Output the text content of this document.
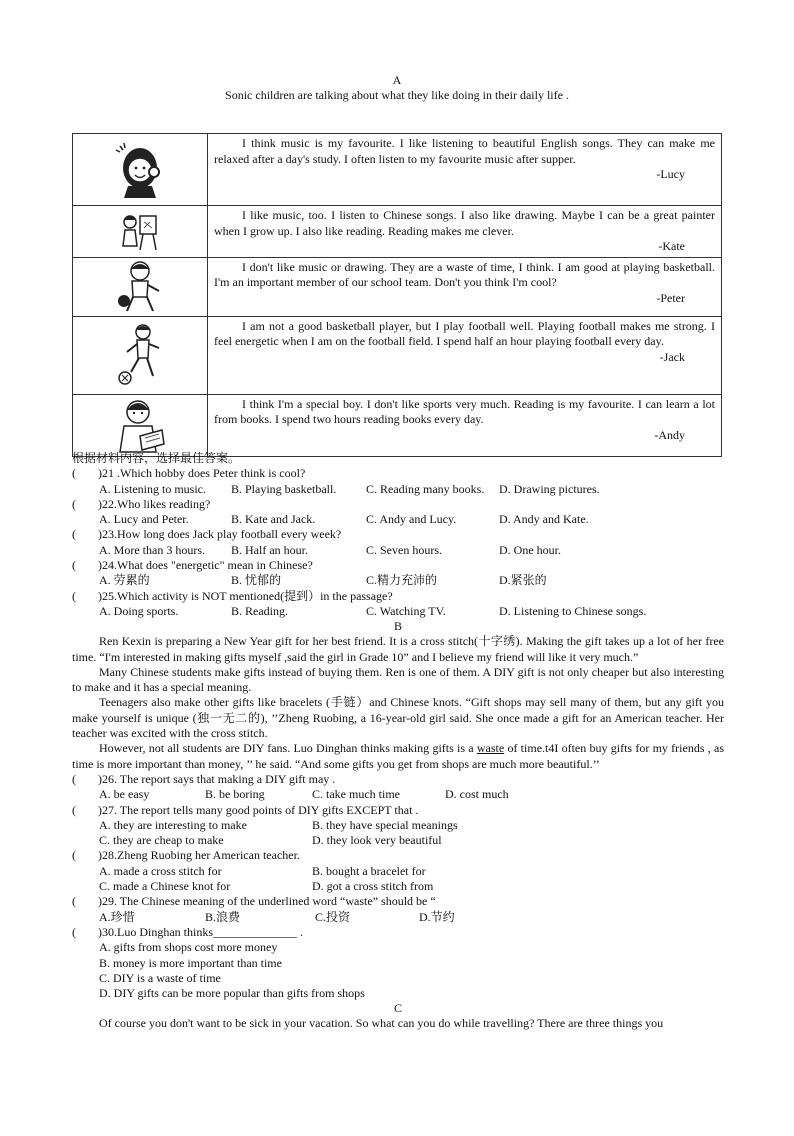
A
Sonic children are talking about what they like doing in their daily life .

I think music is my favourite. I like listening to beautiful English songs. They can make me relaxed after a day's study. I often listen to my favourite music after supper.
-Lucy

I like music, too. I listen to Chinese songs. I also like drawing. Maybe I can be a great painter when I grow up. I also like reading. Reading makes me clever.
-Kate

I don't like music or drawing. They are a waste of time, I think. I am good at playing basketball. I'm an important member of our school team. Don't you think I'm cool?
-Peter

I am not a good basketball player, but I play football well. Playing football makes me strong. I feel energetic when I am on the football field. I spend half an hour playing football every day.
-Jack

I think I'm a special boy. I don't like sports very much. Reading is my favourite. I can learn a lot from books. I spend two hours reading books every day.
-Andy
根据材料内容，选择最佳答案。
( )21 .Which hobby does Peter think is cool?
A. Listening to music. B. Playing basketball. C. Reading many books. D. Drawing pictures.
( )22.Who likes reading?
A. Lucy and Peter.	B. Kate and Jack.	C. Andy and Lucy.	D. Andy and Kate.
( )23.How long does Jack play football every week?
A. More than 3 hours. B. Half an hour.	C. Seven hours.	D. One hour.
( )24.What does "energetic" mean in Chinese?
A. 劳累的	B. 忧郁的	C.精力充沛的	D.紧张的
( )25.Which activity is NOT mentioned(提到）in the passage?
A. Doing sports.	B. Reading.	C. Watching TV.	D. Listening to Chinese songs.
B
Ren Kexin is preparing a New Year gift for her best friend. It is a cross stitch(十字绣). Making the gift takes up a lot of her free time. “I'm interested in making gifts myself ,said the girl in Grade 10” and I believe my friend will like it very much.”
Many Chinese students make gifts instead of buying them. Ren is one of them. A DIY gift is not only cheaper but also interesting to make and it has a special meaning.
Teenagers also make other gifts like bracelets (手链）and Chinese knots. “Gift shops may sell many of them, but any gift you make yourself is unique (独一无二的), ’’Zheng Ruobing, a 16-year-old girl said. She once made a gift for an American teacher. Her teacher was excited with the cross stitch.
However, not all students are DIY fans. Luo Dinghan thinks making gifts is a waste of time.t4I often buy gifts for my friends , as time is more important than money, ’’ he said. “And some gifts you get from shops are much more beautiful.’’
( )26. The report says that making a DIY gift may .
A. be easy	B. be boring	C. take much time	D. cost much
( )27. The report tells many good points of DIY gifts EXCEPT that .
A. they are interesting to make	B. they have special meanings
C. they are cheap to make	D. they look very beautiful
( )28.Zheng Ruobing her American teacher.
A. made a cross stitch for	B. bought a bracelet for
C. made a Chinese knot for	D. got a cross stitch from
( )29. The Chinese meaning of the underlined word “waste” should be “
A.珍惜	B.浪费	C.投资	D.节约
( )30.Luo Dinghan thinks______________ .
A. gifts from shops cost more money
B. money is more important than time
C. DIY is a waste of time
D. DIY gifts can be more popular than gifts from shops
C
Of course you don't want to be sick in your vacation. So what can you do while travelling? There are three things you
